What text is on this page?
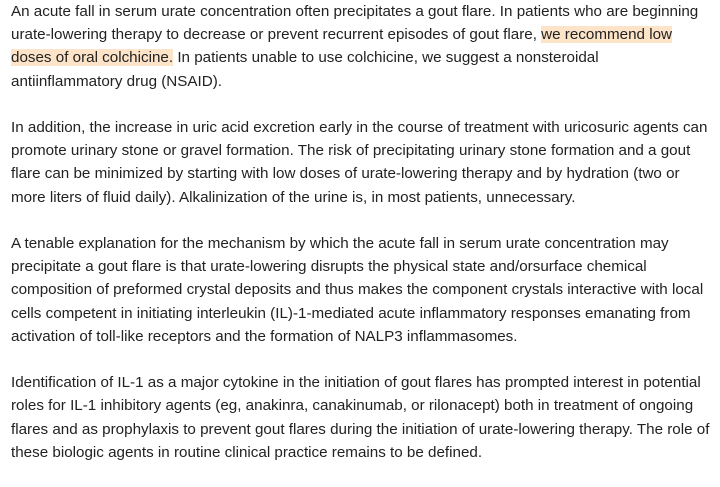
An acute fall in serum urate concentration often precipitates a gout flare. In patients who are beginning urate-lowering therapy to decrease or prevent recurrent episodes of gout flare, we recommend low doses of oral colchicine. In patients unable to use colchicine, we suggest a nonsteroidal antiinflammatory drug (NSAID).

In addition, the increase in uric acid excretion early in the course of treatment with uricosuric agents can promote urinary stone or gravel formation. The risk of precipitating urinary stone formation and a gout flare can be minimized by starting with low doses of urate-lowering therapy and by hydration (two or more liters of fluid daily). Alkalinization of the urine is, in most patients, unnecessary.

A tenable explanation for the mechanism by which the acute fall in serum urate concentration may precipitate a gout flare is that urate-lowering disrupts the physical state and/orsurface chemical composition of preformed crystal deposits and thus makes the component crystals interactive with local cells competent in initiating interleukin (IL)-1-mediated acute inflammatory responses emanating from activation of toll-like receptors and the formation of NALP3 inflammasomes.

Identification of IL-1 as a major cytokine in the initiation of gout flares has prompted interest in potential roles for IL-1 inhibitory agents (eg, anakinra, canakinumab, or rilonacept) both in treatment of ongoing flares and as prophylaxis to prevent gout flares during the initiation of urate-lowering therapy. The role of these biologic agents in routine clinical practice remains to be defined.
